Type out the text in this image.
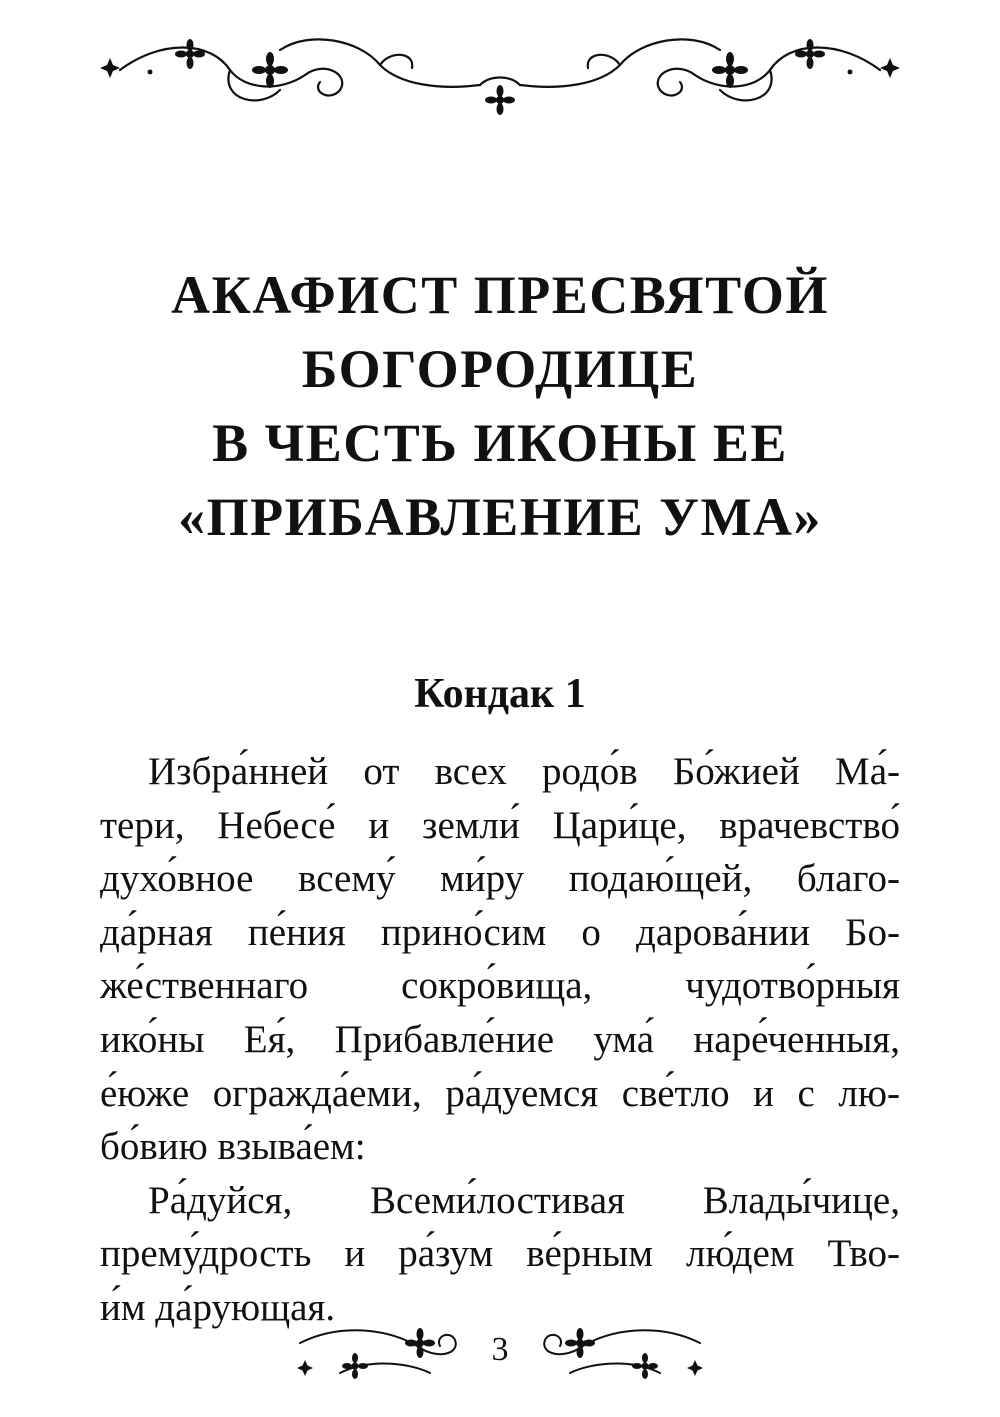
АКАФИСТ ПРЕСВЯТОЙ
БОГОРОДИЦЕ
В ЧЕСТЬ ИКОНЫ ЕЕ
«ПРИБАВЛЕНИЕ УМА»
Кондак 1

Избра́нней от всех родо́в Бо́жией Ма́-
тери, Небесе́ и земли́ Цари́це, врачевство́
духо́вное всему́ ми́ру подаю́щей, благо-
да́рная пе́ния прино́сим о дарова́нии Бо-
же́ственнаго сокро́вища, чудотво́рныя
ико́ны Ея́, Прибавле́ние ума́ наре́ченныя,
е́юже огражда́еми, ра́дуемся све́тло и с лю-
бо́вию взыва́ем:

Ра́дуйся, Всеми́лостивая Влады́чице,
прему́дрость и ра́зум ве́рным лю́дем Тво-
и́м да́рующая.

3
